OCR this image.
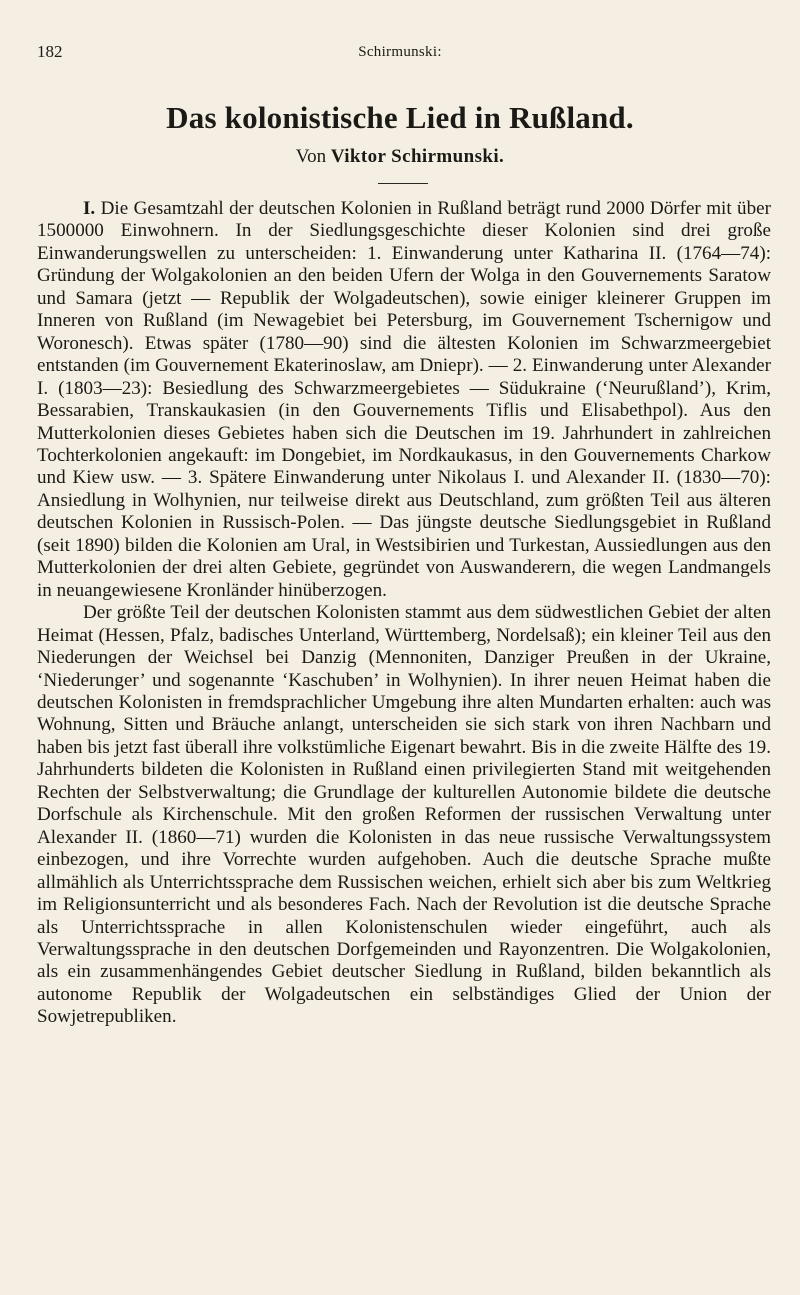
182	Schirmunski:
Das kolonistische Lied in Rußland.
Von Viktor Schirmunski.

I. Die Gesamtzahl der deutschen Kolonien in Rußland beträgt rund 2000 Dörfer mit über 1500000 Einwohnern. In der Siedlungsgeschichte dieser Kolonien sind drei große Einwanderungswellen zu unterscheiden: 1. Einwanderung unter Katharina II. (1764—74): Gründung der Wolgakolonien an den beiden Ufern der Wolga in den Gouvernements Saratow und Samara (jetzt — Republik der Wolgadeutschen), sowie einiger kleinerer Gruppen im Inneren von Rußland (im Newagebiet bei Petersburg, im Gouvernement Tschernigow und Woronesch). Etwas später (1780—90) sind die ältesten Kolonien im Schwarzmeergebiet entstanden (im Gouvernement Ekaterinoslaw, am Dniepr). — 2. Einwanderung unter Alexander I. (1803—23): Besiedlung des Schwarzmeergebietes — Südukraine (‘Neurußland’), Krim, Bessarabien, Transkaukasien (in den Gouvernements Tiflis und Elisabethpol). Aus den Mutterkolonien dieses Gebietes haben sich die Deutschen im 19. Jahrhundert in zahlreichen Tochterkolonien angekauft: im Dongebiet, im Nordkaukasus, in den Gouvernements Charkow und Kiew usw. — 3. Spätere Einwanderung unter Nikolaus I. und Alexander II. (1830—70): Ansiedlung in Wolhynien, nur teilweise direkt aus Deutschland, zum größten Teil aus älteren deutschen Kolonien in Russisch-Polen. — Das jüngste deutsche Siedlungsgebiet in Rußland (seit 1890) bilden die Kolonien am Ural, in Westsibirien und Turkestan, Aussiedlungen aus den Mutterkolonien der drei alten Gebiete, gegründet von Auswanderern, die wegen Landmangels in neuangewiesene Kronländer hinüberzogen.

Der größte Teil der deutschen Kolonisten stammt aus dem südwestlichen Gebiet der alten Heimat (Hessen, Pfalz, badisches Unterland, Württemberg, Nordelsaß); ein kleiner Teil aus den Niederungen der Weichsel bei Danzig (Mennoniten, Danziger Preußen in der Ukraine, ‘Niederunger’ und sogenannte ‘Kaschuben’ in Wolhynien). In ihrer neuen Heimat haben die deutschen Kolonisten in fremdsprachlicher Umgebung ihre alten Mundarten erhalten: auch was Wohnung, Sitten und Bräuche anlangt, unterscheiden sie sich stark von ihren Nachbarn und haben bis jetzt fast überall ihre volkstümliche Eigenart bewahrt. Bis in die zweite Hälfte des 19. Jahrhunderts bildeten die Kolonisten in Rußland einen privilegierten Stand mit weitgehenden Rechten der Selbstverwaltung; die Grundlage der kulturellen Autonomie bildete die deutsche Dorfschule als Kirchenschule. Mit den großen Reformen der russischen Verwaltung unter Alexander II. (1860—71) wurden die Kolonisten in das neue russische Verwaltungssystem einbezogen, und ihre Vorrechte wurden aufgehoben. Auch die deutsche Sprache mußte allmählich als Unterrichtssprache dem Russischen weichen, erhielt sich aber bis zum Weltkrieg im Religionsunterricht und als besonderes Fach. Nach der Revolution ist die deutsche Sprache als Unterrichtssprache in allen Kolonistenschulen wieder eingeführt, auch als Verwaltungssprache in den deutschen Dorfgemeinden und Rayonzentren. Die Wolgakolonien, als ein zusammenhängendes Gebiet deutscher Siedlung in Rußland, bilden bekanntlich als autonome Republik der Wolgadeutschen ein selbständiges Glied der Union der Sowjetrepubliken.
